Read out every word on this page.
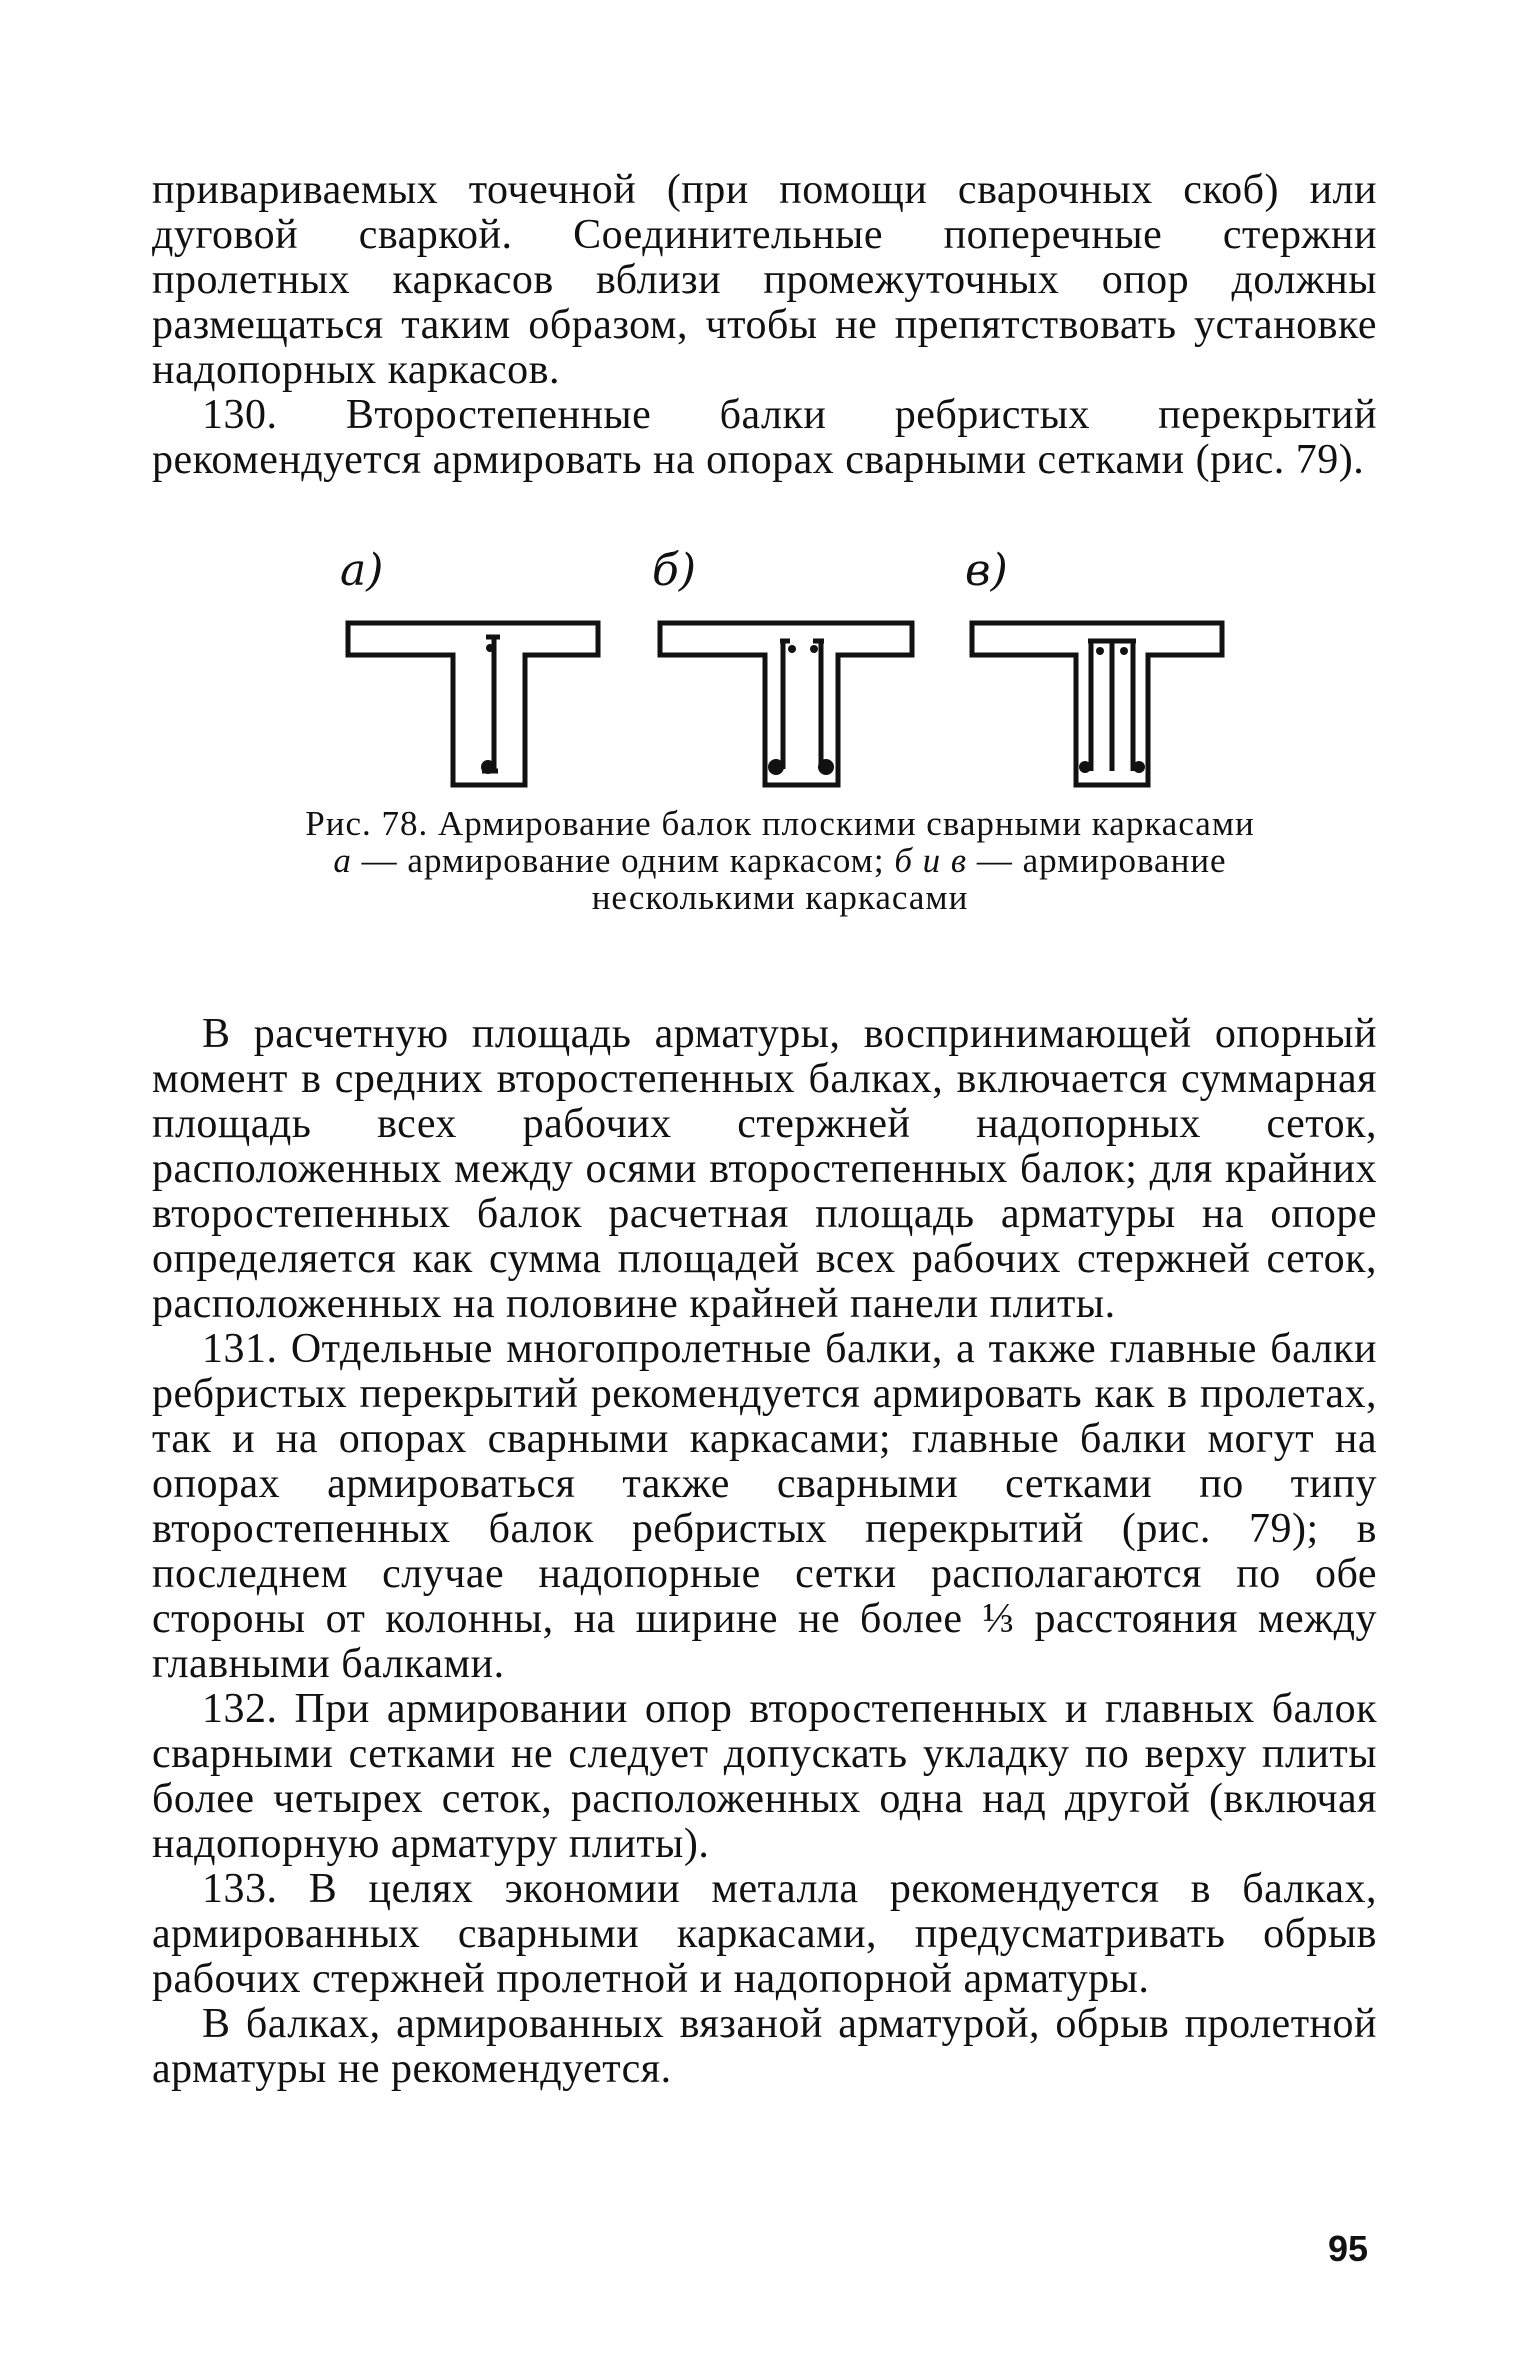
привариваемых точечной (при помощи сварочных скоб) или дуговой сваркой. Соединительные поперечные стержни пролетных каркасов вблизи промежуточных опор должны размещаться таким образом, чтобы не препятствовать установке надопорных каркасов.

130. Второстепенные балки ребристых перекрытий рекомендуется армировать на опорах сварными сетками (рис. 79).

а)	б)	в)
Рис. 78. Армирование балок плоскими сварными каркасами
а — армирование одним каркасом; б и в — армирование несколькими каркасами

В расчетную площадь арматуры, воспринимающей опорный момент в средних второстепенных балках, включается суммарная площадь всех рабочих стержней надопорных сеток, расположенных между осями второстепенных балок; для крайних второстепенных балок расчетная площадь арматуры на опоре определяется как сумма площадей всех рабочих стержней сеток, расположенных на половине крайней панели плиты.

131. Отдельные многопролетные балки, а также главные балки ребристых перекрытий рекомендуется армировать как в пролетах, так и на опорах сварными каркасами; главные балки могут на опорах армироваться также сварными сетками по типу второстепенных балок ребристых перекрытий (рис. 79); в последнем случае надопорные сетки располагаются по обе стороны от колонны, на ширине не более ⅓ расстояния между главными балками.

132. При армировании опор второстепенных и главных балок сварными сетками не следует допускать укладку по верху плиты более четырех сеток, расположенных одна над другой (включая надопорную арматуру плиты).

133. В целях экономии металла рекомендуется в балках, армированных сварными каркасами, предусматривать обрыв рабочих стержней пролетной и надопорной арматуры.

В балках, армированных вязаной арматурой, обрыв пролетной арматуры не рекомендуется.

95
